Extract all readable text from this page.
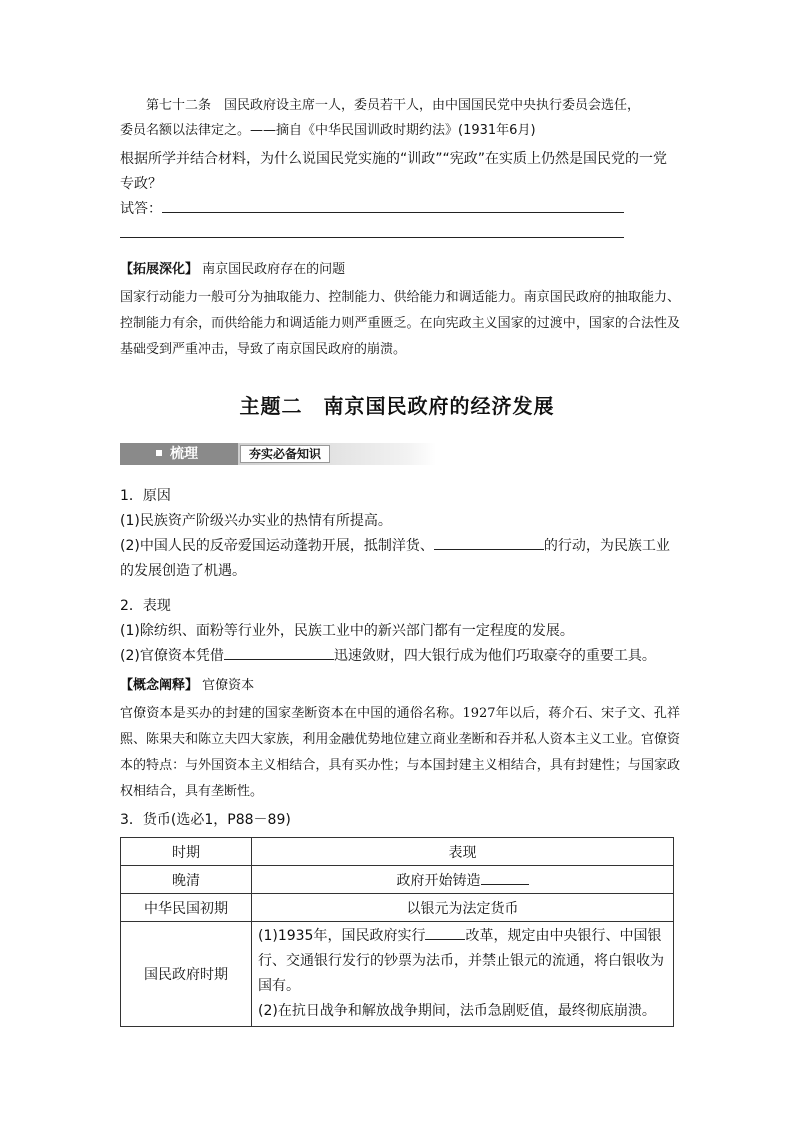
第七十二条　国民政府设主席一人，委员若干人，由中国国民党中央执行委员会选任，

委员名额以法律定之。——摘自《中华民国训政时期约法》(1931年6月)

根据所学并结合材料，为什么说国民党实施的“训政”“宪政”在实质上仍然是国民党的一党专政？

试答：

【拓展深化】 南京国民政府存在的问题

国家行动能力一般可分为抽取能力、控制能力、供给能力和调适能力。南京国民政府的抽取能力、控制能力有余，而供给能力和调适能力则严重匮乏。在向宪政主义国家的过渡中，国家的合法性及基础受到严重冲击，导致了南京国民政府的崩溃。

主题二　南京国民政府的经济发展
梳理	夯实必备知识

1．原因

(1)民族资产阶级兴办实业的热情有所提高。

(2)中国人民的反帝爱国运动蓬勃开展，抵制洋货、	的行动，为民族工业的发展创造了机遇。

2．表现

(1)除纺织、面粉等行业外，民族工业中的新兴部门都有一定程度的发展。

(2)官僚资本凭借	迅速敛财，四大银行成为他们巧取豪夺的重要工具。

【概念阐释】 官僚资本

官僚资本是买办的封建的国家垄断资本在中国的通俗名称。1927年以后，蒋介石、宋子文、孔祥熙、陈果夫和陈立夫四大家族，利用金融优势地位建立商业垄断和吞并私人资本主义工业。官僚资本的特点：与外国资本主义相结合，具有买办性；与本国封建主义相结合，具有封建性；与国家政权相结合，具有垄断性。

3．货币(选必1，P88－89)

时期	表现
晚清	政府开始铸造
中华民国初期	以银元为法定货币
国民政府时期	(1)1935年，国民政府实行 改革，规定由中央银行、中国银行、交通银行发行的钞票为法币，并禁止银元的流通，将白银收为国有。
(2)在抗日战争和解放战争期间，法币急剧贬值，最终彻底崩溃。
